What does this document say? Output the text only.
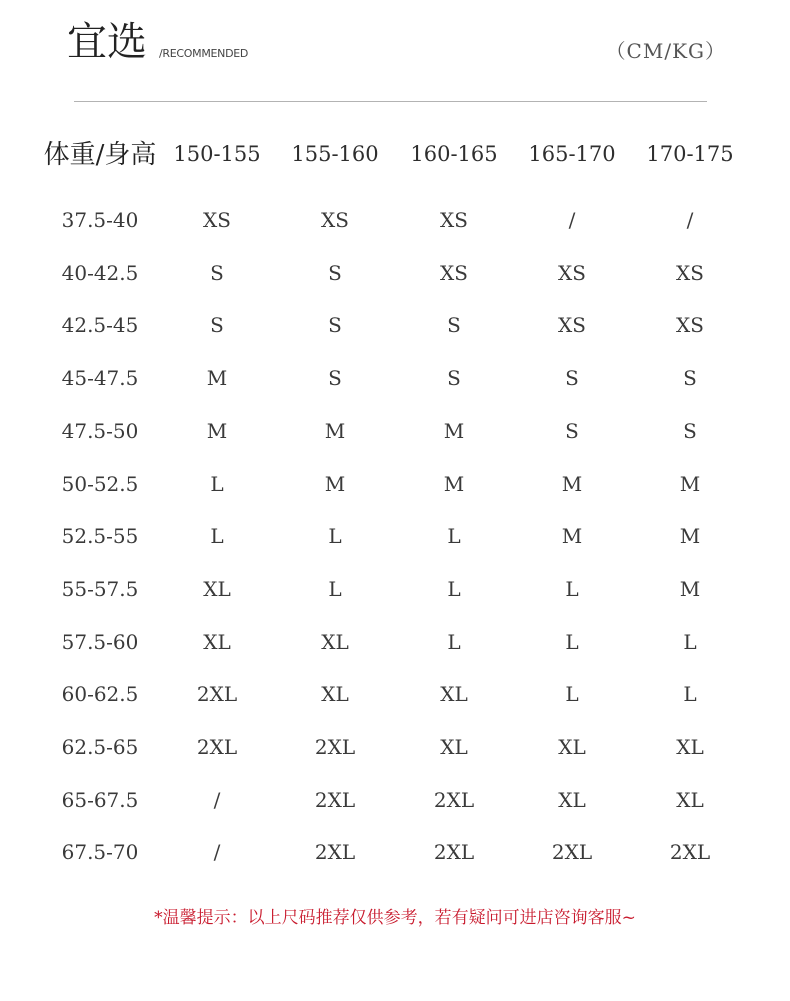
宜选 /RECOMMENDED	（CM/KG）
体重/身高 150-155	155-160	160-165	165-170	170-175
37.5-40	XS	XS	XS	/	/
40-42.5	S	S	XS	XS	XS
42.5-45	S	S	S	XS	XS
45-47.5	M	S	S	S	S
47.5-50	M	M	M	S	S
50-52.5	L	M	M	M	M
52.5-55	L	L	L	M	M
55-57.5	XL	L	L	L	M
57.5-60	XL	XL	L	L	L
60-62.5	2XL	XL	XL	L	L
62.5-65	2XL	2XL	XL	XL	XL
65-67.5	/	2XL	2XL	XL	XL
67.5-70	/	2XL	2XL	2XL	2XL
*温馨提示：以上尺码推荐仅供参考，若有疑问可进店咨询客服~
